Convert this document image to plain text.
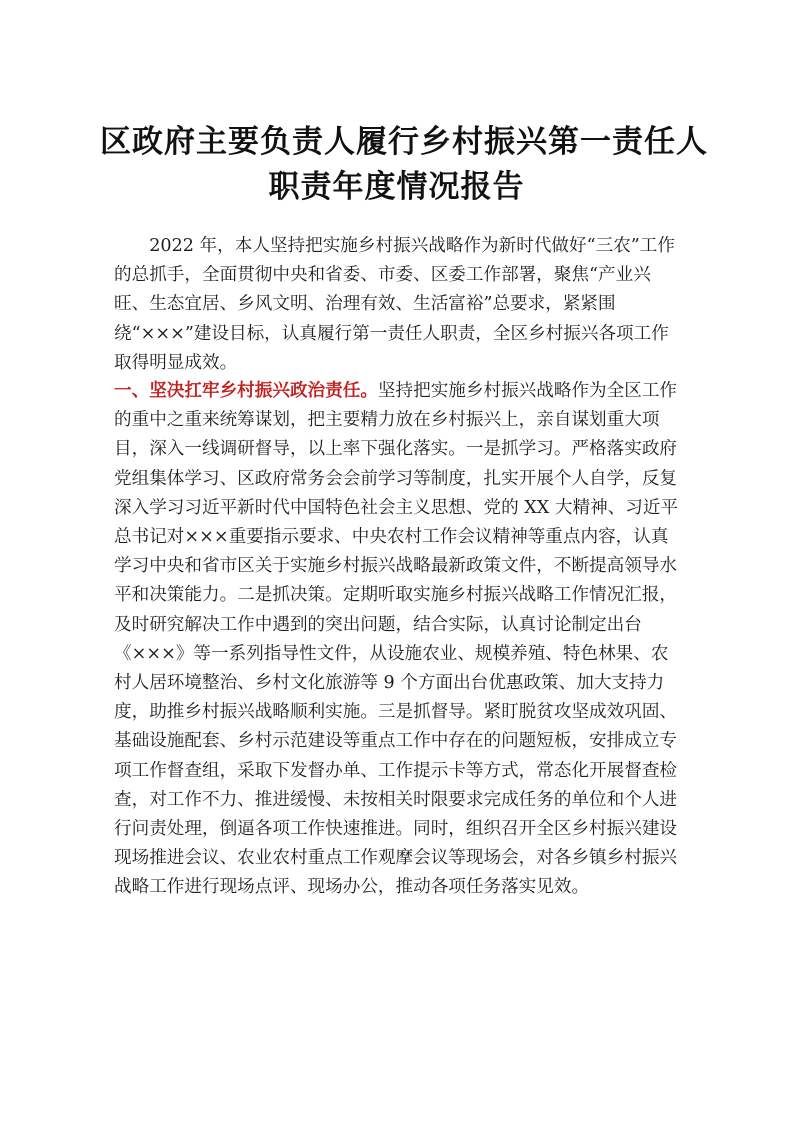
区政府主要负责人履行乡村振兴第一责任人
职责年度情况报告

2022 年，本人坚持把实施乡村振兴战略作为新时代做好“三农”工作的总抓手，全面贯彻中央和省委、市委、区委工作部署，聚焦“产业兴旺、生态宜居、乡风文明、治理有效、生活富裕”总要求，紧紧围绕“×××”建设目标，认真履行第一责任人职责，全区乡村振兴各项工作取得明显成效。

一、坚决扛牢乡村振兴政治责任。坚持把实施乡村振兴战略作为全区工作的重中之重来统筹谋划，把主要精力放在乡村振兴上，亲自谋划重大项目，深入一线调研督导，以上率下强化落实。一是抓学习。严格落实政府党组集体学习、区政府常务会会前学习等制度，扎实开展个人自学，反复深入学习习近平新时代中国特色社会主义思想、党的 XX 大精神、习近平总书记对×××重要指示要求、中央农村工作会议精神等重点内容，认真学习中央和省市区关于实施乡村振兴战略最新政策文件，不断提高领导水平和决策能力。二是抓决策。定期听取实施乡村振兴战略工作情况汇报，及时研究解决工作中遇到的突出问题，结合实际，认真讨论制定出台《×××》等一系列指导性文件，从设施农业、规模养殖、特色林果、农村人居环境整治、乡村文化旅游等 9 个方面出台优惠政策、加大支持力度，助推乡村振兴战略顺利实施。三是抓督导。紧盯脱贫攻坚成效巩固、基础设施配套、乡村示范建设等重点工作中存在的问题短板，安排成立专项工作督查组，采取下发督办单、工作提示卡等方式，常态化开展督查检查，对工作不力、推进缓慢、未按相关时限要求完成任务的单位和个人进行问责处理，倒逼各项工作快速推进。同时，组织召开全区乡村振兴建设现场推进会议、农业农村重点工作观摩会议等现场会，对各乡镇乡村振兴战略工作进行现场点评、现场办公，推动各项任务落实见效。
